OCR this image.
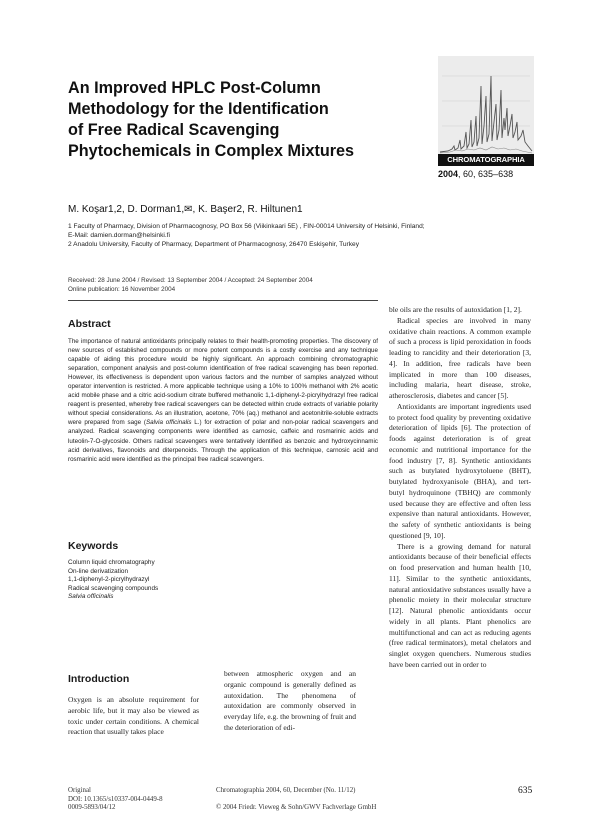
An Improved HPLC Post-Column
Methodology for the Identification
of Free Radical Scavenging
Phytochemicals in Complex Mixtures	CHROMATOGRAPHIA
2004, 60, 635–638
M. Koşar1,2, D. Dorman1,✉, K. Başer2, R. Hiltunen1
1 Faculty of Pharmacy, Division of Pharmacognosy, PO Box 56 (Viikinkaari 5E) , FIN-00014 University of Helsinki, Finland;
E-Mail: damien.dorman@helsinki.fi
2 Anadolu University, Faculty of Pharmacy, Department of Pharmacognosy, 26470 Eskişehir, Turkey
Received: 28 June 2004 / Revised: 13 September 2004 / Accepted: 24 September 2004
Online publication: 16 November 2004
Abstract
The importance of natural antioxidants principally relates to their health-promoting properties. The discovery of new sources of established compounds or more potent compounds is a costly exercise and any technique capable of aiding this procedure would be highly significant. An approach combining chromatographic separation, component analysis and post-column identification of free radical scavenging has been reported. However, its effectiveness is dependent upon various factors and the number of samples analyzed without operator intervention is restricted. A more applicable technique using a 10% to 100% methanol with 2% acetic acid mobile phase and a citric acid-sodium citrate buffered methanolic 1,1-diphenyl-2-picrylhydrazyl free radical reagent is presented, whereby free radical scavengers can be detected within crude extracts of variable polarity without special considerations. As an illustration, acetone, 70% (aq.) methanol and acetonitrile-soluble extracts were prepared from sage (Salvia officinalis L.) for extraction of polar and non-polar radical scavengers and analyzed. Radical scavenging components were identified as carnosic, caffeic and rosmarinic acids and luteolin-7-O-glycoside. Others radical scavengers were tentatively identified as benzoic and hydroxycinnamic acid derivatives, flavonoids and diterpenoids. Through the application of this technique, carnosic acid and rosmarinic acid were identified as the principal free radical scavengers.
Keywords
Column liquid chromatography
On-line derivatization
1,1-diphenyl-2-picrylhydrazyl
Radical scavenging compounds
Salvia officinalis
Introduction
Oxygen is an absolute requirement for aerobic life, but it may also be viewed as toxic under certain conditions. A chemical reaction that usually takes place
between atmospheric oxygen and an organic compound is generally defined as autoxidation. The phenomena of autoxidation are commonly observed in everyday life, e.g. the browning of fruit and the deterioration of edi-
ble oils are the results of autoxidation [1, 2].
Radical species are involved in many oxidative chain reactions. A common example of such a process is lipid peroxidation in foods leading to rancidity and their deterioration [3, 4]. In addition, free radicals have been implicated in more than 100 diseases, including malaria, heart disease, stroke, atherosclerosis, diabetes and cancer [5].
Antioxidants are important ingredients used to protect food quality by preventing oxidative deterioration of lipids [6]. The protection of foods against deterioration is of great economic and nutritional importance for the food industry [7, 8]. Synthetic antioxidants such as butylated hydroxytoluene (BHT), butylated hydroxyanisole (BHA), and tert-butyl hydroquinone (TBHQ) are commonly used because they are effective and often less expensive than natural antioxidants. However, the safety of synthetic antioxidants is being questioned [9, 10].
There is a growing demand for natural antioxidants because of their beneficial effects on food preservation and human health [10, 11]. Similar to the synthetic antioxidants, natural antioxidative substances usually have a phenolic moiety in their molecular structure [12]. Natural phenolic antioxidants occur widely in all plants. Plant phenolics are multifunctional and can act as reducing agents (free radical terminators), metal chelators and singlet oxygen quenchers. Numerous studies have been carried out in order to
Original
DOI: 10.1365/s10337-004-0449-8
0009-5893/04/12
Chromatographia 2004, 60, December (No. 11/12)
© 2004 Friedr. Vieweg & Sohn/GWV Fachverlage GmbH
635
